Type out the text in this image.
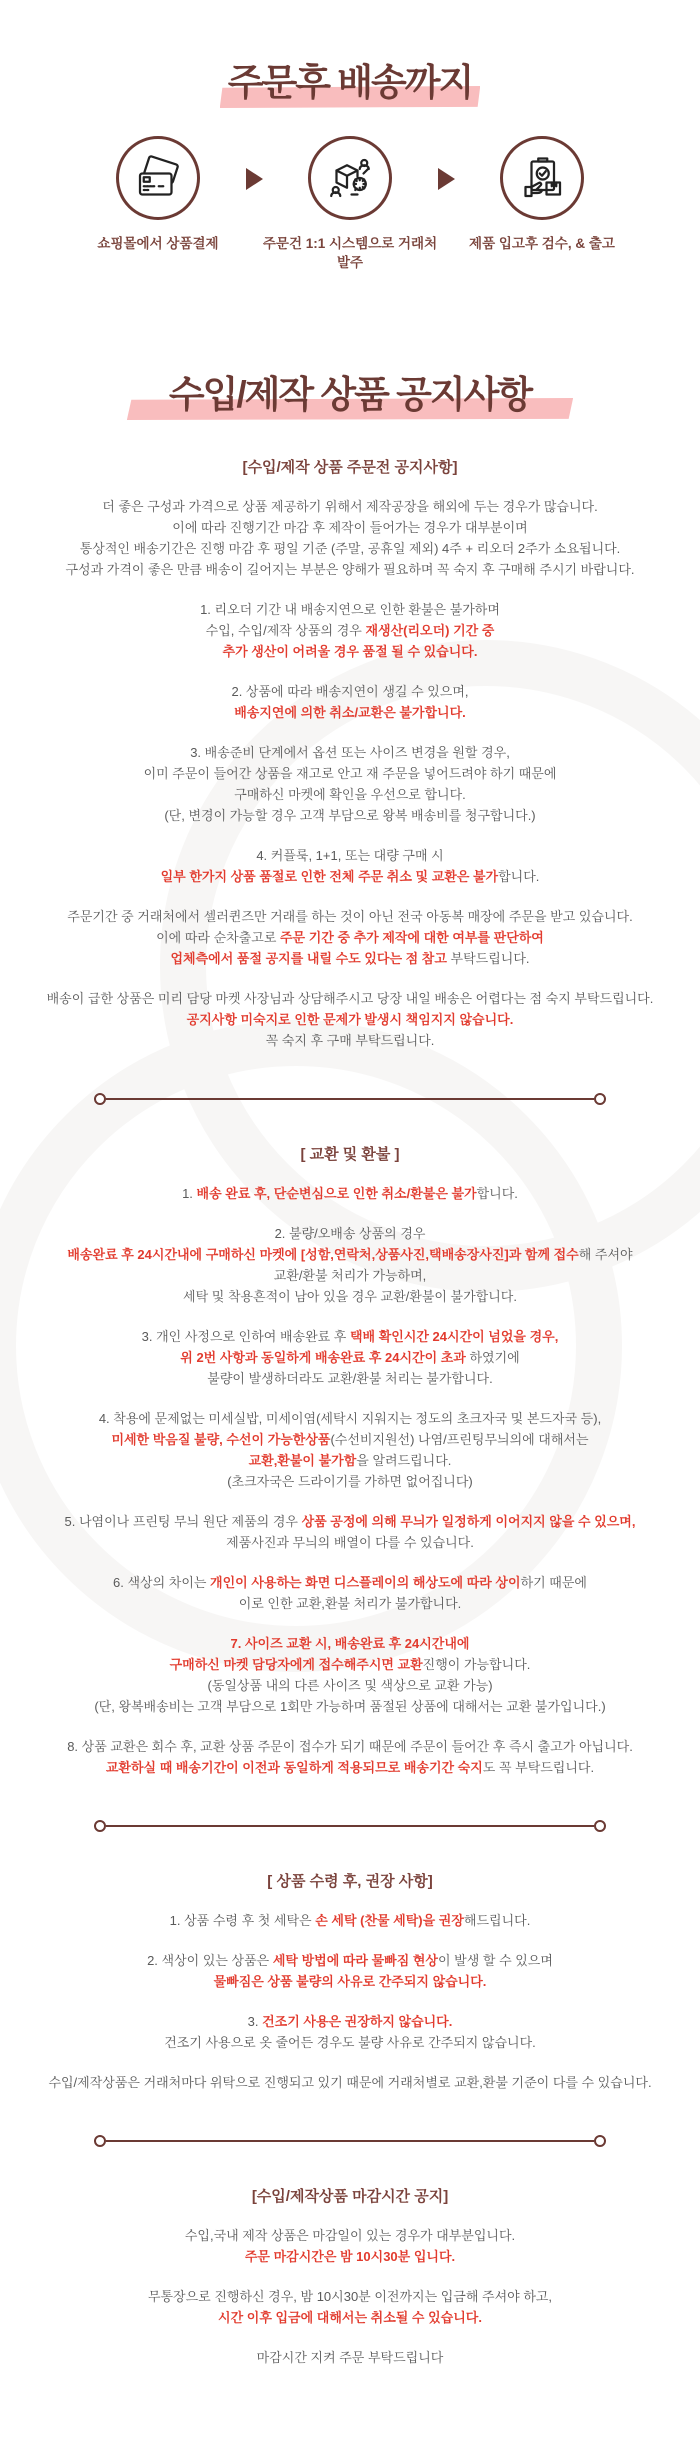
주문후 배송까지
쇼핑몰에서 상품결제	주문건 1:1 시스템으로 거래처 발주
제품 입고후 검수, & 출고
수입/제작 상품 공지사항
[수입/제작 상품 주문전 공지사항]

더 좋은 구성과 가격으로 상품 제공하기 위해서 제작공장을 해외에 두는 경우가 많습니다.
이에 따라 진행기간 마감 후 제작이 들어가는 경우가 대부분이며
통상적인 배송기간은 진행 마감 후 평일 기준 (주말, 공휴일 제외) 4주 + 리오더 2주가 소요됩니다.
구성과 가격이 좋은 만큼 배송이 길어지는 부분은 양해가 필요하며 꼭 숙지 후 구매해 주시기 바랍니다.

1. 리오더 기간 내 배송지연으로 인한 환불은 불가하며
수입, 수입/제작 상품의 경우 재생산(리오더) 기간 중
추가 생산이 어려울 경우 품절 될 수 있습니다.

2. 상품에 따라 배송지연이 생길 수 있으며,
배송지연에 의한 취소/교환은 불가합니다.

3. 배송준비 단계에서 옵션 또는 사이즈 변경을 원할 경우,
이미 주문이 들어간 상품을 재고로 안고 재 주문을 넣어드려야 하기 때문에
구매하신 마켓에 확인을 우선으로 합니다.
(단, 변경이 가능할 경우 고객 부담으로 왕복 배송비를 청구합니다.)

4. 커플룩, 1+1, 또는 대량 구매 시
일부 한가지 상품 품절로 인한 전체 주문 취소 및 교환은 불가합니다.

주문기간 중 거래처에서 셀러퀸즈만 거래를 하는 것이 아닌 전국 아동복 매장에 주문을 받고 있습니다.
이에 따라 순차출고로 주문 기간 중 추가 제작에 대한 여부를 판단하여
업체측에서 품절 공지를 내릴 수도 있다는 점 참고 부탁드립니다.

배송이 급한 상품은 미리 담당 마켓 사장님과 상담해주시고 당장 내일 배송은 어렵다는 점 숙지 부탁드립니다.
공지사항 미숙지로 인한 문제가 발생시 책임지지 않습니다.
꼭 숙지 후 구매 부탁드립니다.

[ 교환 및 환불 ]

1. 배송 완료 후, 단순변심으로 인한 취소/환불은 불가합니다.

2. 불량/오배송 상품의 경우
배송완료 후 24시간내에 구매하신 마켓에 [성함,연락처,상품사진,택배송장사진]과 함께 접수해 주셔야
교환/환불 처리가 가능하며,
세탁 및 착용흔적이 남아 있을 경우 교환/환불이 불가합니다.

3. 개인 사정으로 인하여 배송완료 후 택배 확인시간 24시간이 넘었을 경우,
위 2번 사항과 동일하게 배송완료 후 24시간이 초과 하였기에
불량이 발생하더라도 교환/환불 처리는 불가합니다.

4. 착용에 문제없는 미세실밥, 미세이염(세탁시 지워지는 정도의 초크자국 및 본드자국 등),
미세한 박음질 불량, 수선이 가능한상품(수선비지원선) 나염/프린팅무늬의에 대해서는
교환,환불이 불가함을 알려드립니다.
(초크자국은 드라이기를 가하면 없어집니다)

5. 나염이나 프린팅 무늬 원단 제품의 경우 상품 공정에 의해 무늬가 일정하게 이어지지 않을 수 있으며,
제품사진과 무늬의 배열이 다를 수 있습니다.

6. 색상의 차이는 개인이 사용하는 화면 디스플레이의 해상도에 따라 상이하기 때문에
이로 인한 교환,환불 처리가 불가합니다.

7. 사이즈 교환 시, 배송완료 후 24시간내에
구매하신 마켓 담당자에게 접수해주시면 교환진행이 가능합니다.
(동일상품 내의 다른 사이즈 및 색상으로 교환 가능)
(단, 왕복배송비는 고객 부담으로 1회만 가능하며 품절된 상품에 대해서는 교환 불가입니다.)

8. 상품 교환은 회수 후, 교환 상품 주문이 접수가 되기 때문에 주문이 들어간 후 즉시 출고가 아닙니다.
교환하실 때 배송기간이 이전과 동일하게 적용되므로 배송기간 숙지도 꼭 부탁드립니다.

[ 상품 수령 후, 권장 사항]

1. 상품 수령 후 첫 세탁은 손 세탁 (찬물 세탁)을 권장해드립니다.

2. 색상이 있는 상품은 세탁 방법에 따라 물빠짐 현상이 발생 할 수 있으며
물빠짐은 상품 불량의 사유로 간주되지 않습니다.

3. 건조기 사용은 권장하지 않습니다.
건조기 사용으로 옷 줄어든 경우도 불량 사유로 간주되지 않습니다.

수입/제작상품은 거래처마다 위탁으로 진행되고 있기 때문에 거래처별로 교환,환불 기준이 다를 수 있습니다.

[수입/제작상품 마감시간 공지]

수입,국내 제작 상품은 마감일이 있는 경우가 대부분입니다.
주문 마감시간은 밤 10시30분 입니다.

무통장으로 진행하신 경우, 밤 10시30분 이전까지는 입금해 주셔야 하고,
시간 이후 입금에 대해서는 취소될 수 있습니다.

마감시간 지켜 주문 부탁드립니다
